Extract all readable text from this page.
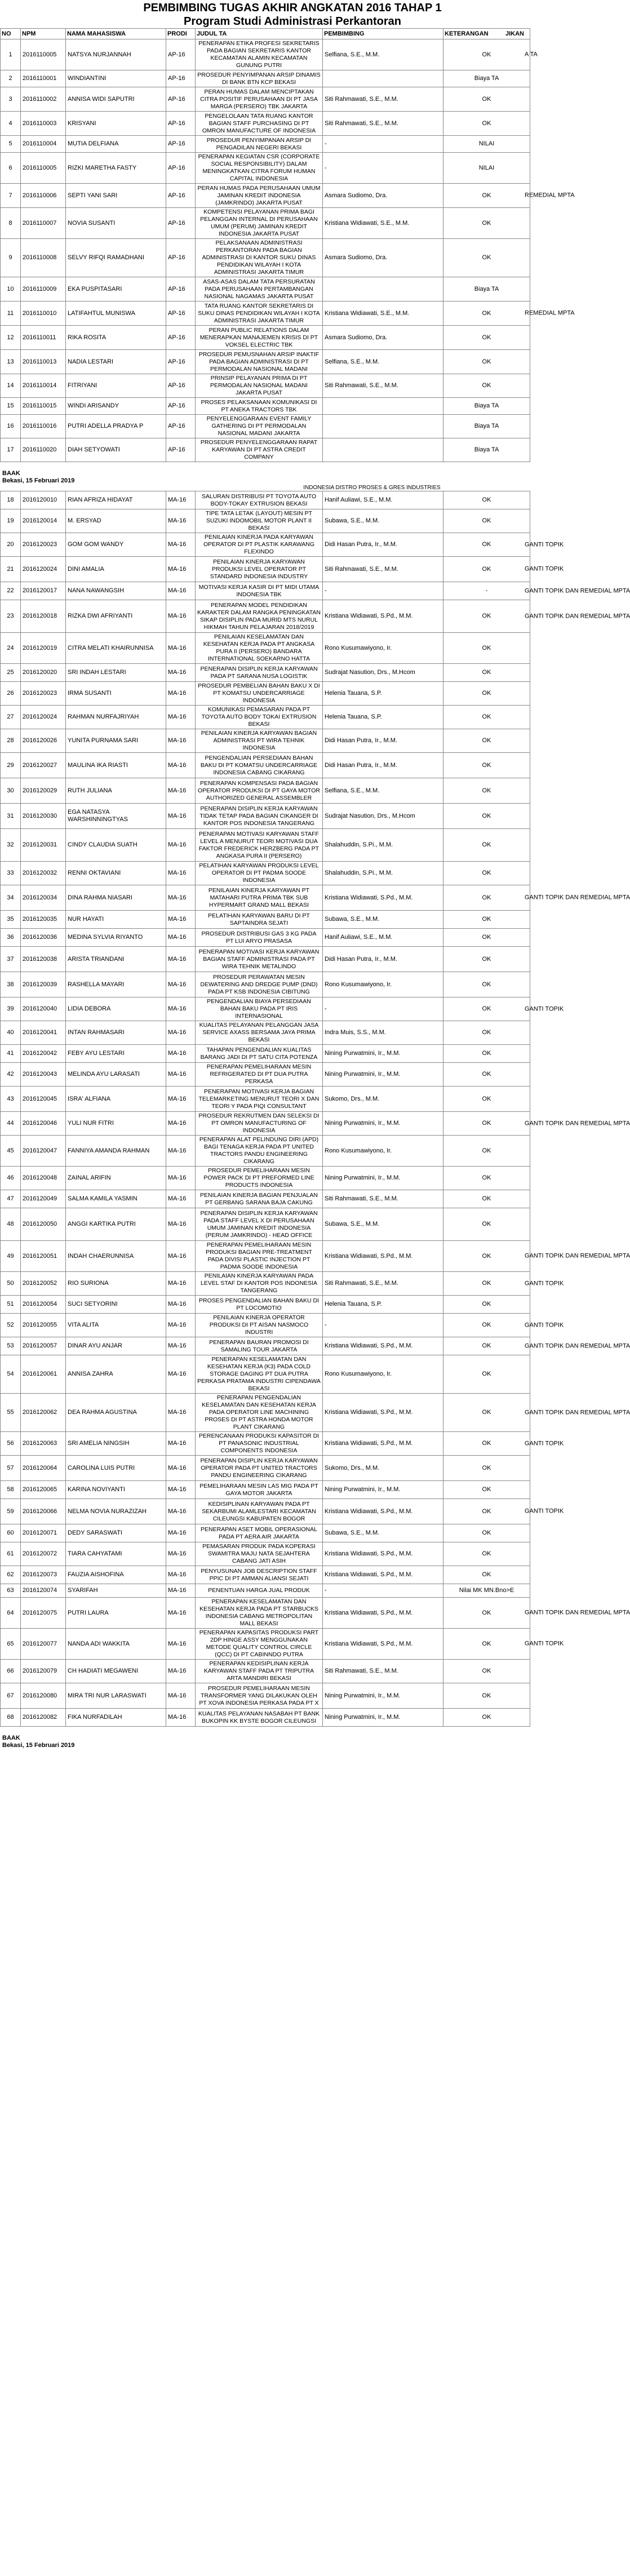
PEMBIMBING TUGAS AKHIR ANGKATAN 2016 TAHAP 1
Program Studi Administrasi Perkantoran
NO	NPM	NAMA MAHASISWA	PRODI	JUDUL TA	PEMBIMBING	KETERANGAN JIKAN

1	2016110005	NATSYA NURJANNAH	AP-16	PENERAPAN ETIKA PROFESI SEKRETARIS PADA BAGIAN SEKRETARIS KANTOR KECAMATAN ALAMIN KECAMATAN GUNUNG PUTRI	Selfiana, S.E., M.M.	OK A TA

2	2016110001	WINDIANTINI	AP-16	PROSEDUR PENYIMPANAN ARSIP DINAMIS DI BANK BTN KCP BEKASI		Biaya TA
3	2016110002	ANNISA WIDI SAPUTRI	AP-16	PERAN HUMAS DALAM MENCIPTAKAN CITRA POSITIF PERUSAHAAN DI PT JASA MARGA (PERSERO) TBK JAKARTA	Siti Rahmawati, S.E., M.M.	OK
4	2016110003	KRISYANI	AP-16	PENGELOLAAN TATA RUANG KANTOR BAGIAN STAFF PURCHASING DI PT OMRON MANUFACTURE OF INDONESIA	Siti Rahmawati, S.E., M.M.	OK
5	2016110004	MUTIA DELFIANA	AP-16	PROSEDUR PENYIMPANAN ARSIP DI PENGADILAN NEGERI BEKASI	-	NILAI
6	2016110005	RIZKI MARETHA FASTY	AP-16	PENERAPAN KEGIATAN CSR (CORPORATE SOCIAL RESPONSIBILITY) DALAM MENINGKATKAN CITRA FORUM HUMAN CAPITAL INDONESIA	-	NILAI
7	2016110006	SEPTI YANI SARI	AP-16	PERAN HUMAS PADA PERUSAHAAN UMUM JAMINAN KREDIT INDONESIA (JAMKRINDO) JAKARTA PUSAT	Asmara Sudiomo, Dra.	OK REMEDIAL MPTA

8	2016110007	NOVIA SUSANTI	AP-16	KOMPETENSI PELAYANAN PRIMA BAGI PELANGGAN INTERNAL DI PERUSAHAAN UMUM (PERUM) JAMINAN KREDIT INDONESIA JAKARTA PUSAT	Kristiana Widiawati, S.E., M.M.	OK
9	2016110008	SELVY RIFQI RAMADHANI	AP-16	PELAKSANAAN ADMINISTRASI PERKANTORAN PADA BAGIAN ADMINISTRASI DI KANTOR SUKU DINAS PENDIDIKAN WILAYAH I KOTA ADMINISTRASI JAKARTA TIMUR	Asmara Sudiomo, Dra.	OK
10	2016110009	EKA PUSPITASARI	AP-16	ASAS-ASAS DALAM TATA PERSURATAN PADA PERUSAHAAN PERTAMBANGAN NASIONAL NAGAMAS JAKARTA PUSAT		Biaya TA
11	2016110010	LATIFAHTUL MUNISWA	AP-16	TATA RUANG KANTOR SEKRETARIS DI SUKU DINAS PENDIDIKAN WILAYAH I KOTA ADMINISTRASI JAKARTA TIMUR	Kristiana Widiawati, S.E., M.M.	OK REMEDIAL MPTA

12	2016110011	RIKA ROSITA	AP-16	PERAN PUBLIC RELATIONS DALAM MENERAPKAN MANAJEMEN KRISIS DI PT VOKSEL ELECTRIC TBK	Asmara Sudiomo, Dra.	OK
13	2016110013	NADIA LESTARI	AP-16	PROSEDUR PEMUSNAHAN ARSIP INAKTIF PADA BAGIAN ADMINISTRASI DI PT PERMODALAN NASIONAL MADANI	Selfiana, S.E., M.M.	OK
14	2016110014	FITRIYANI	AP-16	PRINSIP PELAYANAN PRIMA DI PT PERMODALAN NASIONAL MADANI JAKARTA PUSAT	Siti Rahmawati, S.E., M.M.	OK
15	2016110015	WINDI ARISANDY	AP-16	PROSES PELAKSANAAN KOMUNIKASI DI PT ANEKA TRACTORS TBK		Biaya TA
16	2016110016	PUTRI ADELLA PRADYA P	AP-16	PENYELENGGARAAN EVENT FAMILY GATHERING DI PT PERMODALAN NASIONAL MADANI JAKARTA		Biaya TA
17	2016110020	DIAH SETYOWATI	AP-16	PROSEDUR PENYELENGGARAAN RAPAT KARYAWAN DI PT ASTRA CREDIT COMPANY		Biaya TA
BAAK
Bekasi, 15 Februari 2019
INDONESIA DISTRO PROSES & GRES INDUSTRIES
18	2016120010	RIAN AFRIZA HIDAYAT	MA-16	SALURAN DISTRIBUSI PT TOYOTA AUTO BODY-TOKAY EXTRUSION BEKASI	Hanif Auliawi, S.E., M.M.	OK
19	2016120014	M. ERSYAD	MA-16	TIPE TATA LETAK (LAYOUT) MESIN PT SUZUKI INDOMOBIL MOTOR PLANT II BEKASI	Subawa, S.E., M.M.	OK
20	2016120023	GOM GOM WANDY	MA-16	PENILAIAN KINERJA PADA KARYAWAN OPERATOR DI PT PLASTIK KARAWANG FLEXINDO	Didi Hasan Putra, Ir., M.M.	OK GANTI TOPIK

21	2016120024	DINI AMALIA	MA-16	PENILAIAN KINERJA KARYAWAN PRODUKSI LEVEL OPERATOR PT STANDARD INDONESIA INDUSTRY	Siti Rahmawati, S.E., M.M.	OK GANTI TOPIK

22	2016120017	NANA NAWANGSIH	MA-16	MOTIVASI KERJA KASIR DI PT MIDI UTAMA INDONESIA TBK	-	- GANTI TOPIK DAN REMEDIAL MPTA

23	2016120018	RIZKA DWI AFRIYANTI	MA-16	PENERAPAN MODEL PENDIDIKAN KARAKTER DALAM RANGKA PENINGKATAN SIKAP DISIPLIN PADA MURID MTS NURUL HIKMAH TAHUN PELAJARAN 2018/2019	Kristiana Widiawati, S.Pd., M.M.	OK GANTI TOPIK DAN REMEDIAL MPTA

24	2016120019	CITRA MELATI KHAIRUNNISA	MA-16	PENILAIAN KESELAMATAN DAN KESEHATAN KERJA PADA PT ANGKASA PURA II (PERSERO) BANDARA INTERNATIONAL SOEKARNO HATTA	Rono Kusumawiyono, Ir.	OK
25	2016120020	SRI INDAH LESTARI	MA-16	PENERAPAN DISIPLIN KERJA KARYAWAN PADA PT SARANA NUSA LOGISTIK	Sudrajat Nasution, Drs., M.Hcom	OK
26	2016120023	IRMA SUSANTI	MA-16	PROSEDUR PEMBELIAN BAHAN BAKU X DI PT KOMATSU UNDERCARRIAGE INDONESIA	Helenia Tauana, S.P.	OK
27	2016120024	RAHMAN NURFAJRIYAH	MA-16	KOMUNIKASI PEMASARAN PADA PT TOYOTA AUTO BODY TOKAI EXTRUSION BEKASI	Helenia Tauana, S.P.	OK
28	2016120026	YUNITA PURNAMA SARI	MA-16	PENILAIAN KINERJA KARYAWAN BAGIAN ADMINISTRASI PT WIRA TEHNIK INDONESIA	Didi Hasan Putra, Ir., M.M.	OK
29	2016120027	MAULINA IKA RIASTI	MA-16	PENGENDALIAN PERSEDIAAN BAHAN BAKU DI PT KOMATSU UNDERCARRIAGE INDONESIA CABANG CIKARANG	Didi Hasan Putra, Ir., M.M.	OK
30	2016120029	RUTH JULIANA	MA-16	PENERAPAN KOMPENSASI PADA BAGIAN OPERATOR PRODUKSI DI PT GAYA MOTOR AUTHORIZED GENERAL ASSEMBLER	Selfiana, S.E., M.M.	OK
31	2016120030	EGA NATASYA WARSHINNINGTYAS	MA-16	PENERAPAN DISIPLIN KERJA KARYAWAN TIDAK TETAP PADA BAGIAN CIKANGER DI KANTOR POS INDONESIA TANGERANG	Sudrajat Nasution, Drs., M.Hcom	OK
32	2016120031	CINDY CLAUDIA SUATH	MA-16	PENERAPAN MOTIVASI KARYAWAN STAFF LEVEL A MENURUT TEORI MOTIVASI DUA FAKTOR FREDERICK HERZBERG PADA PT ANGKASA PURA II (PERSERO)	Shalahuddin, S.Pi., M.M.	OK
33	2016120032	RENNI OKTAVIANI	MA-16	PELATIHAN KARYAWAN PRODUKSI LEVEL OPERATOR DI PT PADMA SOODE INDONESIA	Shalahuddin, S.Pi., M.M.	OK
34	2016120034	DINA RAHMA NIASARI	MA-16	PENILAIAN KINERJA KARYAWAN PT MATAHARI PUTRA PRIMA TBK SUB HYPERMART GRAND MALL BEKASI	Kristiana Widiawati, S.Pd., M.M.	OK GANTI TOPIK DAN REMEDIAL MPTA

35	2016120035	NUR HAYATI	MA-16	PELATIHAN KARYAWAN BARU DI PT SAPTAINDRA SEJATI	Subawa, S.E., M.M.	OK
36	2016120036	MEDINA SYLVIA RIYANTO	MA-16	PROSEDUR DISTRIBUSI GAS 3 KG PADA PT LUI ARYO PRASASA	Hanif Auliawi, S.E., M.M.	OK
37	2016120038	ARISTA TRIANDANI	MA-16	PENERAPAN MOTIVASI KERJA KARYAWAN BAGIAN STAFF ADMINISTRASI PADA PT WIRA TEHNIK METALINDO	Didi Hasan Putra, Ir., M.M.	OK
38	2016120039	RASHELLA MAYARI	MA-16	PROSEDUR PERAWATAN MESIN DEWATERING AND DREDGE PUMP (DND) PADA PT KSB INDONESIA CIBITUNG	Rono Kusumawiyono, Ir.	OK
39	2016120040	LIDIA DEBORA	MA-16	PENGENDALIAN BIAYA PERSEDIAAN BAHAN BAKU PADA PT IRIS INTERNASIONAL	-	OK GANTI TOPIK

40	2016120041	INTAN RAHMASARI	MA-16	KUALITAS PELAYANAN PELANGGAN JASA SERVICE AXASS BERSAMA JAYA PRIMA BEKASI	Indra Muis, S.S., M.M.	OK
41	2016120042	FEBY AYU LESTARI	MA-16	TAHAPAN PENGENDALIAN KUALITAS BARANG JADI DI PT SATU CITA POTENZA	Nining Purwatmini, Ir., M.M.	OK
42	2016120043	MELINDA AYU LARASATI	MA-16	PENERAPAN PEMELIHARAAN MESIN REFRIGERATED DI PT DUA PUTRA PERKASA	Nining Purwatmini, Ir., M.M.	OK
43	2016120045	ISRA' ALFIANA	MA-16	PENERAPAN MOTIVASI KERJA BAGIAN TELEMARKETING MENURUT TEORI X DAN TEORI Y PADA PIQI CONSULTANT	Sukomo, Drs., M.M.	OK
44	2016120046	YULI NUR FITRI	MA-16	PROSEDUR REKRUTMEN DAN SELEKSI DI PT OMRON MANUFACTURING OF INDONESIA	Nining Purwatmini, Ir., M.M.	OK GANTI TOPIK DAN REMEDIAL MPTA

45	2016120047	FANNIYA AMANDA RAHMAN	MA-16	PENERAPAN ALAT PELINDUNG DIRI (APD) BAGI TENAGA KERJA PADA PT UNITED TRACTORS PANDU ENGINEERING CIKARANG	Rono Kusumawiyono, Ir.	OK
46	2016120048	ZAINAL ARIFIN	MA-16	PROSEDUR PEMELIHARAAN MESIN POWER PACK DI PT PREFORMED LINE PRODUCTS INDONESIA	Nining Purwatmini, Ir., M.M.	OK
47	2016120049	SALMA KAMILA YASMIN	MA-16	PENILAIAN KINERJA BAGIAN PENJUALAN PT GERBANG SARANA BAJA CAKUNG	Siti Rahmawati, S.E., M.M.	OK
48	2016120050	ANGGI KARTIKA PUTRI	MA-16	PENERAPAN DISIPLIN KERJA KARYAWAN PADA STAFF LEVEL X DI PERUSAHAAN UMUM JAMINAN KREDIT INDONESIA (PERUM JAMKRINDO) - HEAD OFFICE	Subawa, S.E., M.M.	OK
49	2016120051	INDAH CHAERUNNISA	MA-16	PENERAPAN PEMELIHARAAN MESIN PRODUKSI BAGIAN PRE-TREATMENT PADA DIVISI PLASTIC INJECTION PT PADMA SOODE INDONESIA	Kristiana Widiawati, S.Pd., M.M.	OK GANTI TOPIK DAN REMEDIAL MPTA

50	2016120052	RIO SURIONA	MA-16	PENILAIAN KINERJA KARYAWAN PADA LEVEL STAF DI KANTOR POS INDONESIA TANGERANG	Siti Rahmawati, S.E., M.M.	OK GANTI TOPIK

51	2016120054	SUCI SETYORINI	MA-16	PROSES PENGENDALIAN BAHAN BAKU DI PT LOCOMOTIO	Helenia Tauana, S.P.	OK
52	2016120055	VITA ALITA	MA-16	PENILAIAN KINERJA OPERATOR PRODUKSI DI PT AISAN NASMOCO INDUSTRI	-	OK GANTI TOPIK

53	2016120057	DINAR AYU ANJAR	MA-16	PENERAPAN BAURAN PROMOSI DI SAMALING TOUR JAKARTA	Kristiana Widiawati, S.Pd., M.M.	OK GANTI TOPIK DAN REMEDIAL MPTA

54	2016120061	ANNISA ZAHRA	MA-16	PENERAPAN KESELAMATAN DAN KESEHATAN KERJA (K3) PADA COLD STORAGE DAGING PT DUA PUTRA PERKASA PRATAMA INDUSTRI CIPENDAWA BEKASI	Rono Kusumawiyono, Ir.	OK
55	2016120062	DEA RAHMA AGUSTINA	MA-16	PENERAPAN PENGENDALIAN KESELAMATAN DAN KESEHATAN KERJA PADA OPERATOR LINE MACHINING PROSES DI PT ASTRA HONDA MOTOR PLANT CIKARANG	Kristiana Widiawati, S.Pd., M.M.	OK GANTI TOPIK DAN REMEDIAL MPTA

56	2016120063	SRI AMELIA NINGSIH	MA-16	PERENCANAAN PRODUKSI KAPASITOR DI PT PANASONIC INDUSTRIAL COMPONENTS INDONESIA	Kristiana Widiawati, S.Pd., M.M.	OK GANTI TOPIK

57	2016120064	CAROLINA LUIS PUTRI	MA-16	PENERAPAN DISIPLIN KERJA KARYAWAN OPERATOR PADA PT UNITED TRACTORS PANDU ENGINEERING CIKARANG	Sukomo, Drs., M.M.	OK
58	2016120065	KARINA NOVIYANTI	MA-16	PEMELIHARAAN MESIN LAS MIG PADA PT GAYA MOTOR JAKARTA	Nining Purwatmini, Ir., M.M.	OK
59	2016120066	NELMA NOVIA NURAZIZAH	MA-16	KEDISIPLINAN KARYAWAN PADA PT SEKARBUMI ALAMLESTARI KECAMATAN CILEUNGSI KABUPATEN BOGOR	Kristiana Widiawati, S.Pd., M.M.	OK GANTI TOPIK

60	2016120071	DEDY SARASWATI	MA-16	PENERAPAN ASET MOBIL OPERASIONAL PADA PT AERA AIR JAKARTA	Subawa, S.E., M.M.	OK
61	2016120072	TIARA CAHYATAMI	MA-16	PEMASARAN PRODUK PADA KOPERASI SWAMITRA MAJU NATA SEJAHTERA CABANG JATI ASIH	Kristiana Widiawati, S.Pd., M.M.	OK
62	2016120073	FAUZIA AISHOFINA	MA-16	PENYUSUNAN JOB DESCRIPTION STAFF PPIC DI PT AMMAN ALIANSI SEJATI	Kristiana Widiawati, S.Pd., M.M.	OK
63	2016120074	SYARIFAH	MA-16	PENENTUAN HARGA JUAL PRODUK	-	Nilai MK MN.Bno>E
64	2016120075	PUTRI LAURA	MA-16	PENERAPAN KESELAMATAN DAN KESEHATAN KERJA PADA PT STARBUCKS INDONESIA CABANG METROPOLITAN MALL BEKASI	Kristiana Widiawati, S.Pd., M.M.	OK GANTI TOPIK DAN REMEDIAL MPTA

65	2016120077	NANDA ADI WAKKITA	MA-16	PENERAPAN KAPASITAS PRODUKSI PART 2DP HINGE ASSY MENGGUNAKAN METODE QUALITY CONTROL CIRCLE (QCC) DI PT CABINNDO PUTRA	Kristiana Widiawati, S.Pd., M.M.	OK GANTI TOPIK

66	2016120079	CH HADIATI MEGAWENI	MA-16	PENERAPAN KEDISIPLINAN KERJA KARYAWAN STAFF PADA PT TRIPUTRA ARTA MANDIRI BEKASI	Siti Rahmawati, S.E., M.M.	OK
67	2016120080	MIRA TRI NUR LARASWATI	MA-16	PROSEDUR PEMELIHARAAN MESIN TRANSFORMER YANG DILAKUKAN OLEH PT XOVA INDONESIA PERKASA PADA PT X	Nining Purwatmini, Ir., M.M.	OK
68	2016120082	FIKA NURFADILAH	MA-16	KUALITAS PELAYANAN NASABAH PT BANK BUKOPIN KK BYSTE BOGOR CILEUNGSI	Nining Purwatmini, Ir., M.M.	OK
BAAK
Bekasi, 15 Februari 2019
